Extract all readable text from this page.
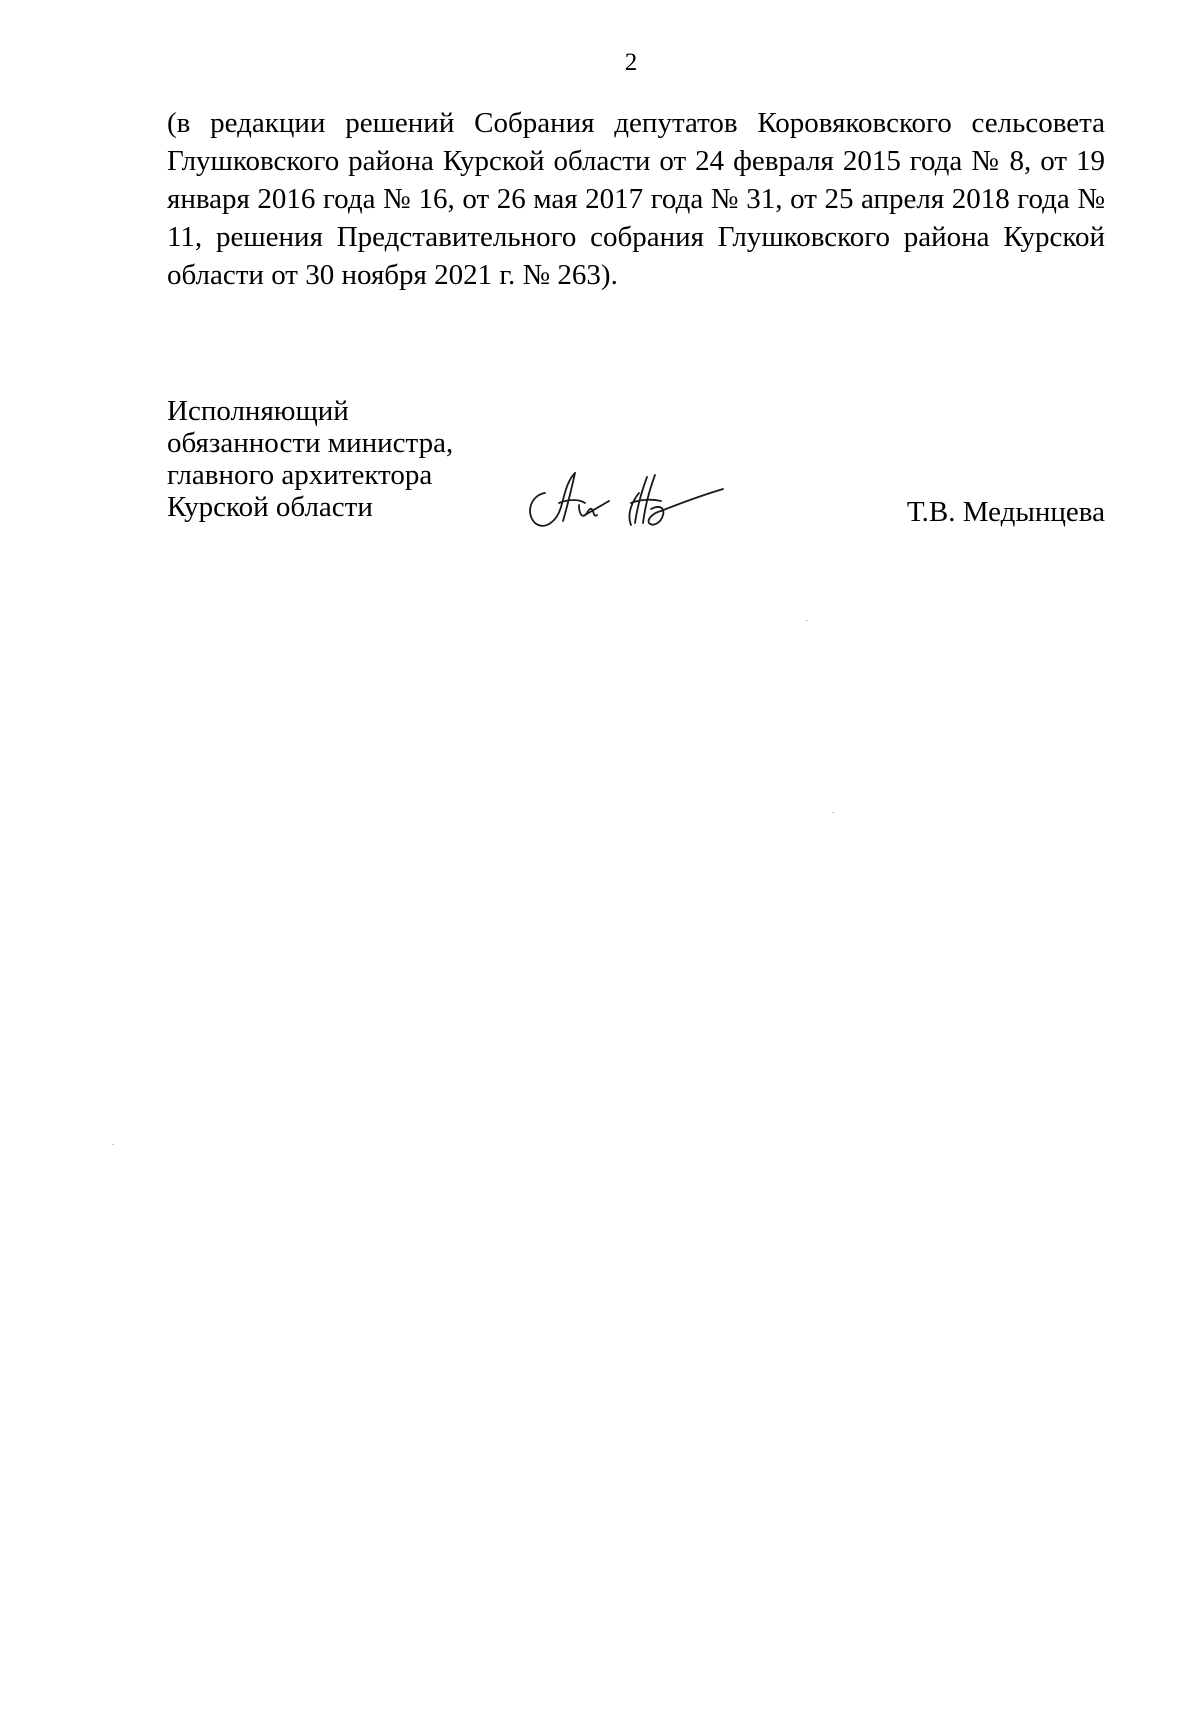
2

(в редакции решений Собрания депутатов Коровяковского сельсовета Глушковского района Курской области от 24 февраля 2015 года № 8, от 19 января 2016 года № 16, от 26 мая 2017 года № 31, от 25 апреля 2018 года № 11, решения Представительного собрания Глушковского района Курской области от 30 ноября 2021 г. № 263).

Исполняющий
обязанности министра,
главного архитектора
Курской области	Т.В. Медынцева
